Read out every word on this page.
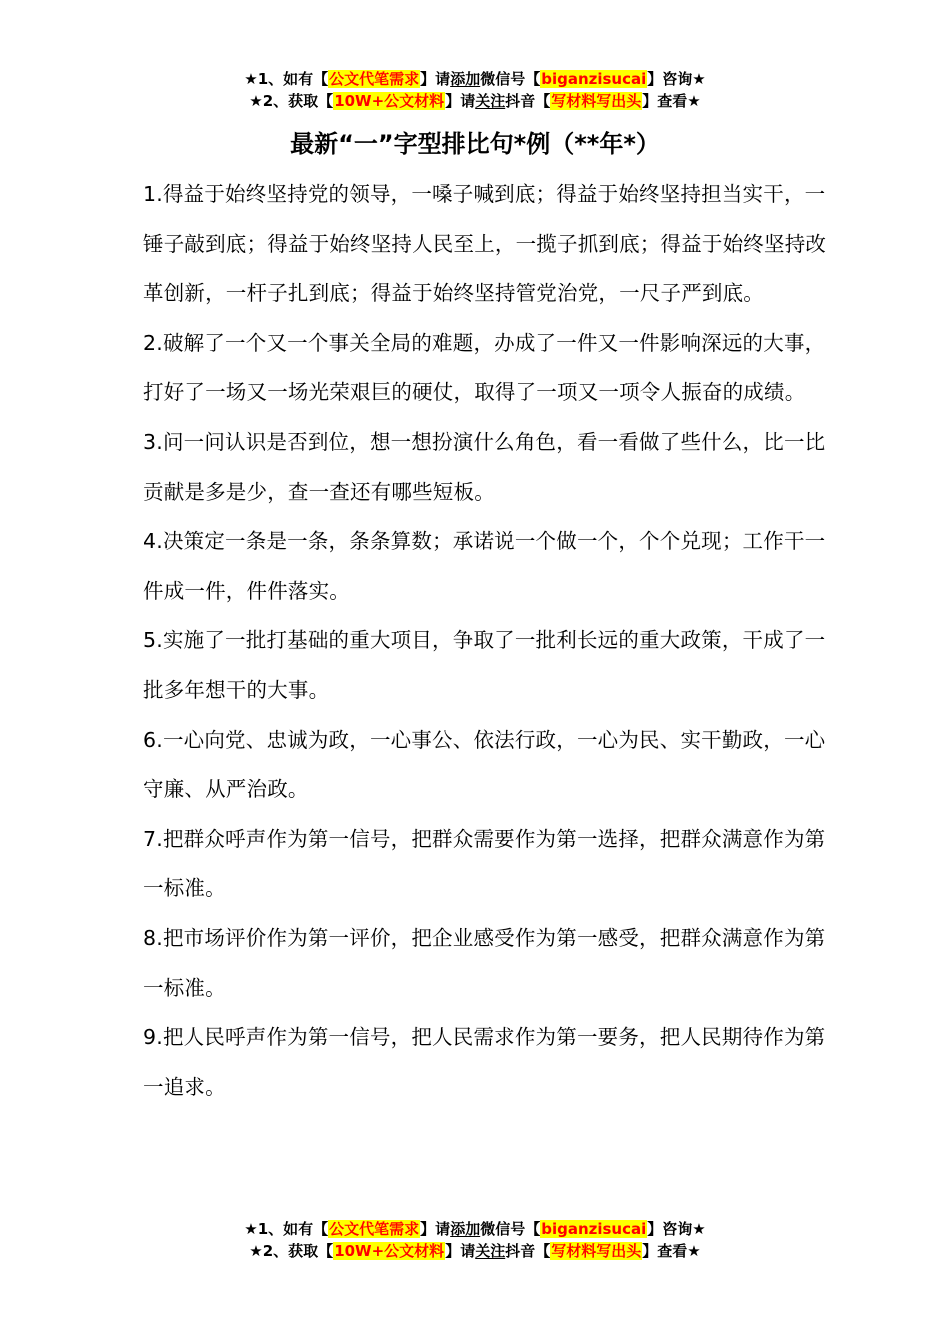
★1、如有【公文代笔需求】请添加微信号【biganzisucai】咨询★
★2、获取【10W+公文材料】请关注抖音【写材料写出头】查看★
最新“一”字型排比句*例（**年*）

1.得益于始终坚持党的领导，一嗓子喊到底；得益于始终坚持担当实干，一锤子敲到底；得益于始终坚持人民至上，一揽子抓到底；得益于始终坚持改革创新，一杆子扎到底；得益于始终坚持管党治党，一尺子严到底。

2.破解了一个又一个事关全局的难题，办成了一件又一件影响深远的大事，打好了一场又一场光荣艰巨的硬仗，取得了一项又一项令人振奋的成绩。

3.问一问认识是否到位，想一想扮演什么角色，看一看做了些什么，比一比贡献是多是少，查一查还有哪些短板。

4.决策定一条是一条，条条算数；承诺说一个做一个，个个兑现；工作干一件成一件，件件落实。

5.实施了一批打基础的重大项目，争取了一批利长远的重大政策，干成了一批多年想干的大事。

6.一心向党、忠诚为政，一心事公、依法行政，一心为民、实干勤政，一心守廉、从严治政。

7.把群众呼声作为第一信号，把群众需要作为第一选择，把群众满意作为第一标准。

8.把市场评价作为第一评价，把企业感受作为第一感受，把群众满意作为第一标准。

9.把人民呼声作为第一信号，把人民需求作为第一要务，把人民期待作为第一追求。

★1、如有【公文代笔需求】请添加微信号【biganzisucai】咨询★
★2、获取【10W+公文材料】请关注抖音【写材料写出头】查看★
